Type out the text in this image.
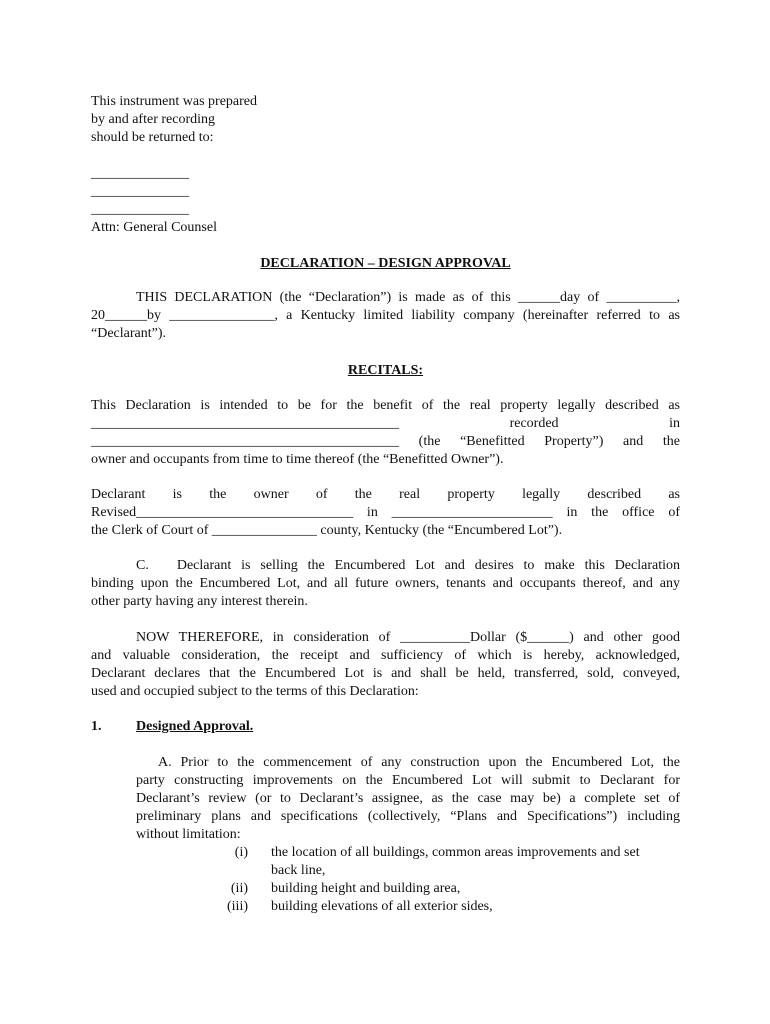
This instrument was prepared
by and after recording
should be returned to:
______________
______________
______________
Attn: General Counsel
DECLARATION – DESIGN APPROVAL
THIS DECLARATION (the “Declaration”) is made as of this ______day of __________,
20______by _______________, a Kentucky limited liability company (hereinafter referred to as
“Declarant”).
RECITALS:
This Declaration is intended to be for the benefit of the real property legally described as
____________________________________________ recorded in
____________________________________________ (the “Benefitted Property”) and the
owner and occupants from time to time thereof (the “Benefitted Owner”).
Declarant is the owner of the real property legally described as
Revised_______________________________ in _______________________ in the office of
the Clerk of Court of _______________ county, Kentucky (the “Encumbered Lot”).
C.  Declarant is selling the Encumbered Lot and desires to make this Declaration
binding upon the Encumbered Lot, and all future owners, tenants and occupants thereof, and any
other party having any interest therein.
NOW THEREFORE, in consideration of __________Dollar ($______) and other good
and valuable consideration, the receipt and sufficiency of which is hereby, acknowledged,
Declarant declares that the Encumbered Lot is and shall be held, transferred, sold, conveyed,
used and occupied subject to the terms of this Declaration:
1. Designed Approval.
A. Prior to the commencement of any construction upon the Encumbered Lot, the
party constructing improvements on the Encumbered Lot will submit to Declarant for
Declarant’s review (or to Declarant’s assignee, as the case may be) a complete set of
preliminary plans and specifications (collectively, “Plans and Specifications”) including
without limitation:
(i) the location of all buildings, common areas improvements and set
back line,
(ii) building height and building area,
(iii) building elevations of all exterior sides,
